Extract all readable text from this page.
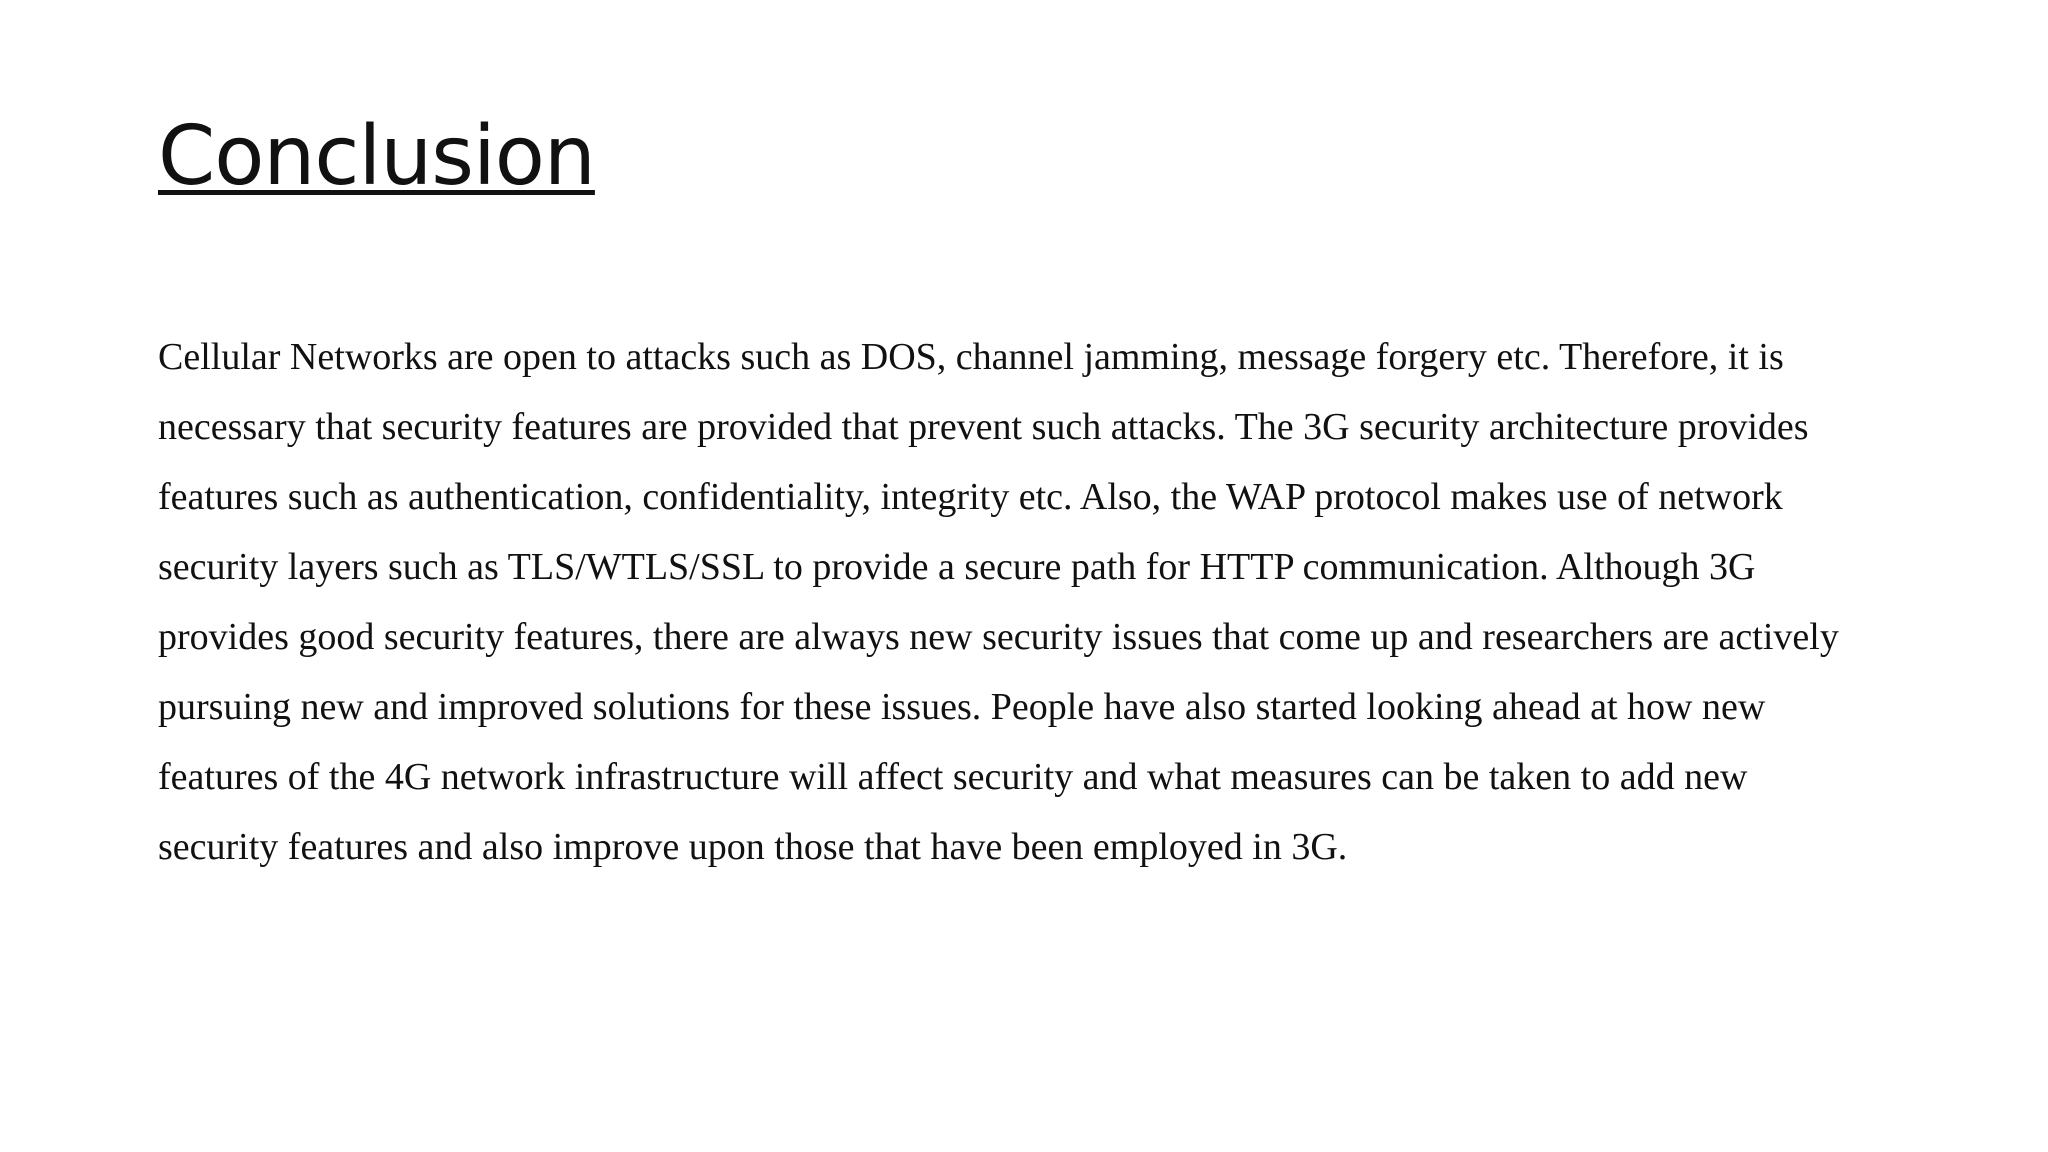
Conclusion

Cellular Networks are open to attacks such as DOS, channel jamming, message forgery etc. Therefore, it is
necessary that security features are provided that prevent such attacks. The 3G security architecture provides
features such as authentication, confidentiality, integrity etc. Also, the WAP protocol makes use of network
security layers such as TLS/WTLS/SSL to provide a secure path for HTTP communication. Although 3G
provides good security features, there are always new security issues that come up and researchers are actively
pursuing new and improved solutions for these issues. People have also started looking ahead at how new
features of the 4G network infrastructure will affect security and what measures can be taken to add new
security features and also improve upon those that have been employed in 3G.
